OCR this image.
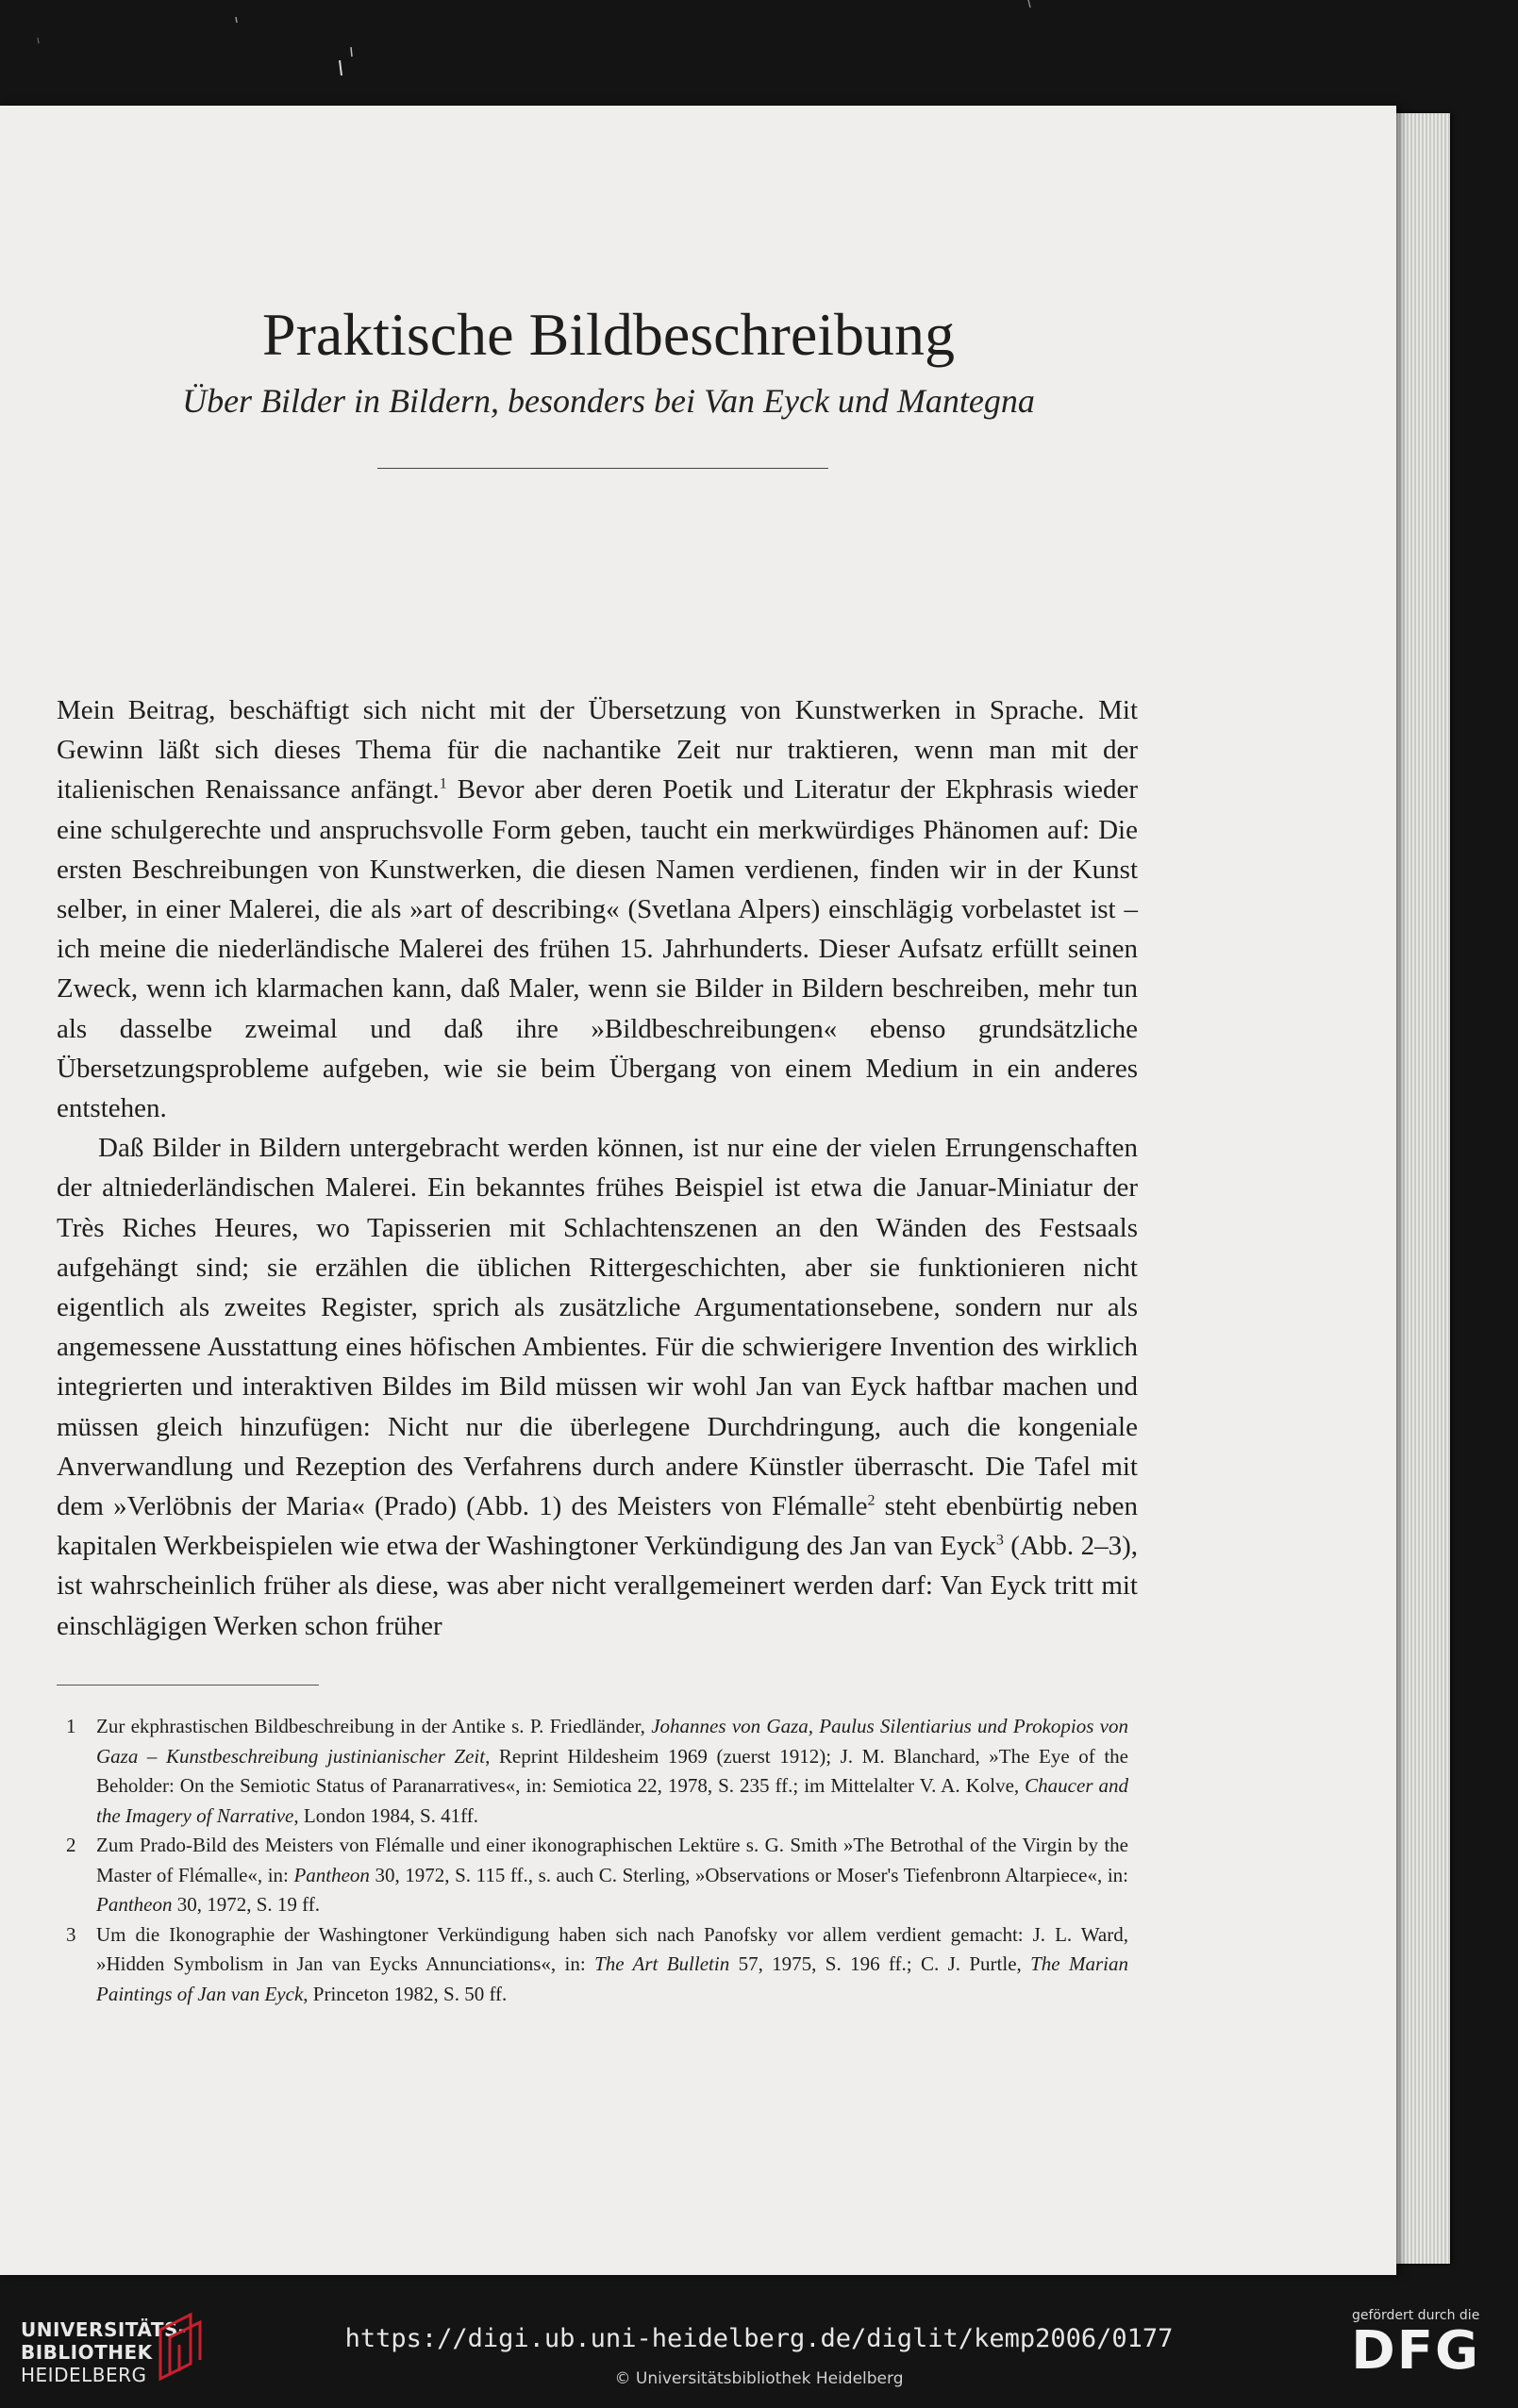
Praktische Bildbeschreibung
Über Bilder in Bildern, besonders bei Van Eyck und Mantegna

Mein Beitrag, beschäftigt sich nicht mit der Übersetzung von Kunstwerken in Sprache. Mit Gewinn läßt sich dieses Thema für die nachantike Zeit nur traktieren, wenn man mit der italienischen Renaissance anfängt.$^1$ Bevor aber deren Poetik und Literatur der Ekphrasis wieder eine schulgerechte und anspruchsvolle Form geben, taucht ein merkwürdiges Phänomen auf: Die ersten Beschreibungen von Kunstwerken, die diesen Namen verdienen, finden wir in der Kunst selber, in einer Malerei, die als »art of describing« (Svetlana Alpers) einschlägig vorbelastet ist – ich meine die niederländische Malerei des frühen 15. Jahrhunderts. Dieser Aufsatz erfüllt seinen Zweck, wenn ich klarmachen kann, daß Maler, wenn sie Bilder in Bildern beschreiben, mehr tun als dasselbe zweimal und daß ihre »Bildbeschreibungen« ebenso grundsätzliche Übersetzungsprobleme aufgeben, wie sie beim Übergang von einem Medium in ein anderes entstehen.

Daß Bilder in Bildern untergebracht werden können, ist nur eine der vielen Errungenschaften der altniederländischen Malerei. Ein bekanntes frühes Beispiel ist etwa die Januar-Miniatur der Très Riches Heures, wo Tapisserien mit Schlachtenszenen an den Wänden des Festsaals aufgehängt sind; sie erzählen die üblichen Rittergeschichten, aber sie funktionieren nicht eigentlich als zweites Register, sprich als zusätzliche Argumentationsebene, sondern nur als angemessene Ausstattung eines höfischen Ambientes. Für die schwierigere Invention des wirklich integrierten und interaktiven Bildes im Bild müssen wir wohl Jan van Eyck haftbar machen und müssen gleich hinzufügen: Nicht nur die überlegene Durchdringung, auch die kongeniale Anverwandlung und Rezeption des Verfahrens durch andere Künstler überrascht. Die Tafel mit dem »Verlöbnis der Maria« (Prado) (Abb. 1) des Meisters von Flémalle$^2$ steht ebenbürtig neben kapitalen Werkbeispielen wie etwa der Washingtoner Verkündigung des Jan van Eyck$^3$ (Abb. 2–3), ist wahrscheinlich früher als diese, was aber nicht verallgemeinert werden darf: Van Eyck tritt mit einschlägigen Werken schon früher

1	Zur ekphrastischen Bildbeschreibung in der Antike s. P. Friedländer, Johannes von Gaza, Paulus Silentiarius und Prokopios von Gaza – Kunstbeschreibung justinianischer Zeit, Reprint Hildesheim 1969 (zuerst 1912); J. M. Blanchard, »The Eye of the Beholder: On the Semiotic Status of Paranarratives«, in: Semiotica 22, 1978, S. 235 ff.; im Mittelalter V. A. Kolve, Chaucer and the Imagery of Narrative, London 1984, S. 41ff.
2	Zum Prado-Bild des Meisters von Flémalle und einer ikonographischen Lektüre s. G. Smith »The Betrothal of the Virgin by the Master of Flémalle«, in: Pantheon 30, 1972, S. 115 ff., s. auch C. Sterling, »Observations or Moser's Tiefenbronn Altarpiece«, in: Pantheon 30, 1972, S. 19 ff.
3	Um die Ikonographie der Washingtoner Verkündigung haben sich nach Panofsky vor allem verdient gemacht: J. L. Ward, »Hidden Symbolism in Jan van Eycks Annunciations«, in: The Art Bulletin 57, 1975, S. 196 ff.; C. J. Purtle, The Marian Paintings of Jan van Eyck, Princeton 1982, S. 50 ff.
UNIVERSITÄTS-
BIBLIOTHEK
HEIDELBERG
https://digi.ub.uni-heidelberg.de/diglit/kemp2006/0177
© Universitätsbibliothek Heidelberg
gefördert durch die
DFG
